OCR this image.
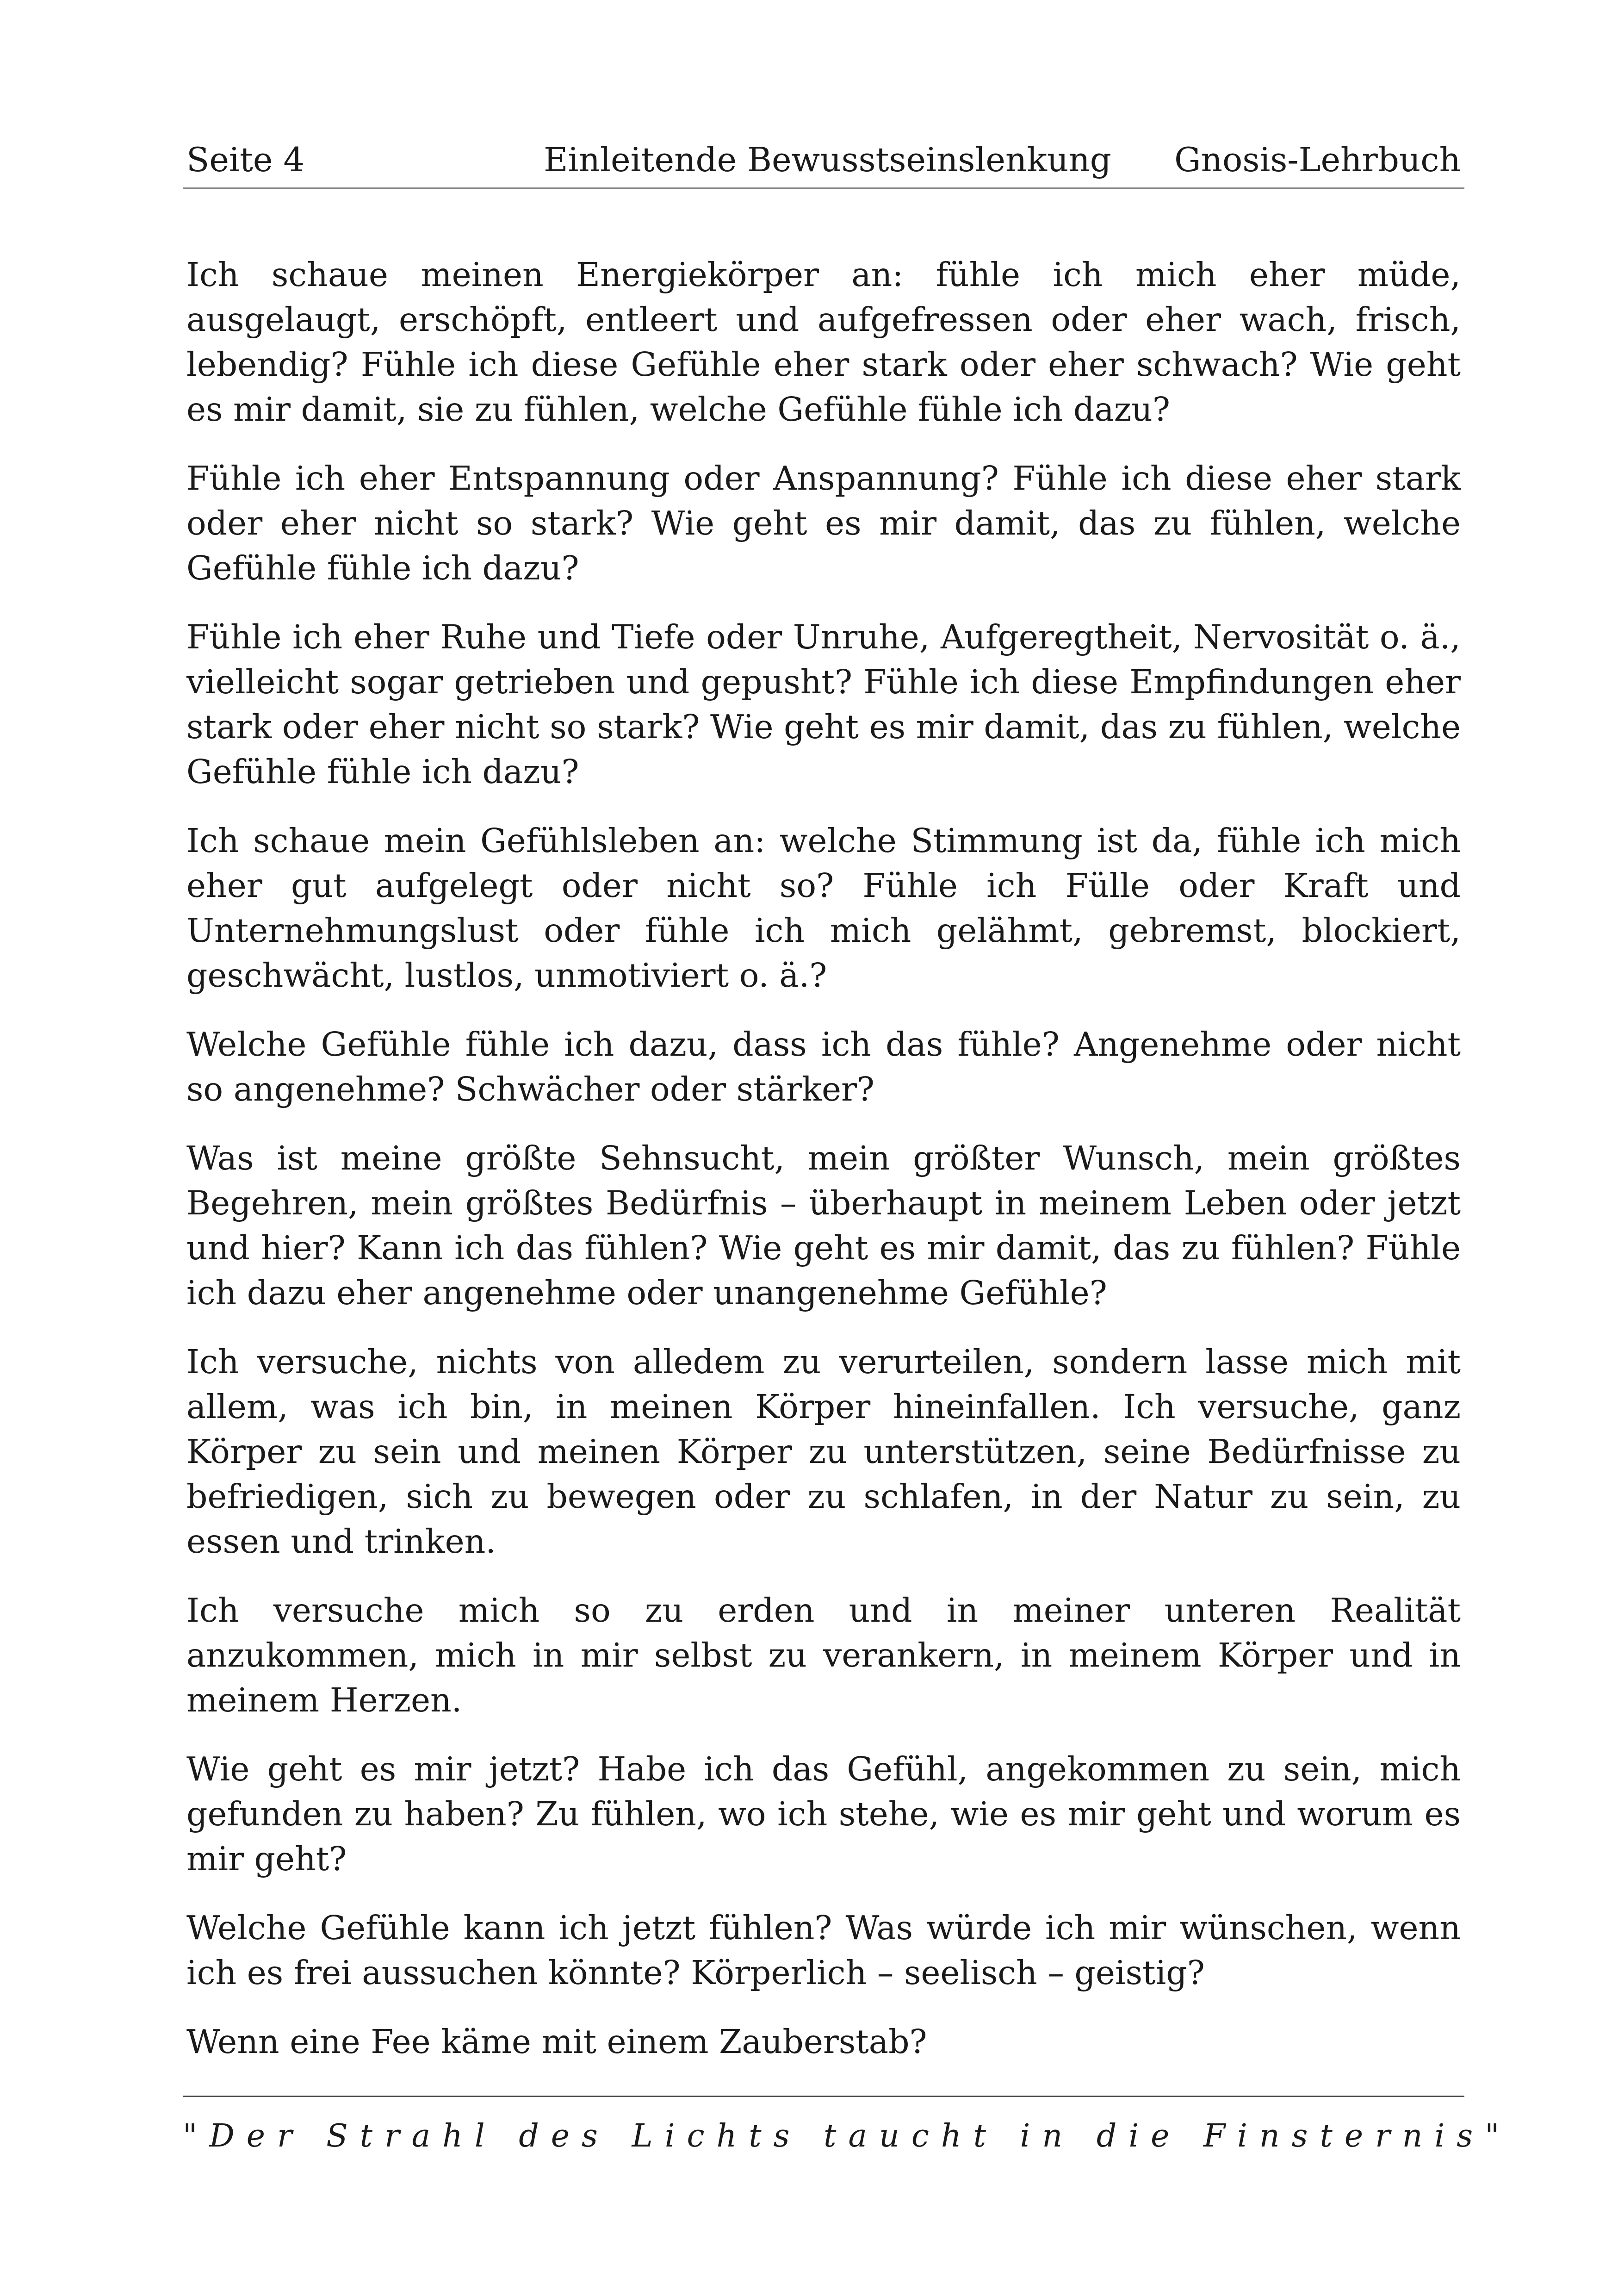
Seite 4	Einleitende Bewusstseinslenkung Gnosis-Lehrbuch

Ich schaue meinen Energiekörper an: fühle ich mich eher müde, ausgelaugt, erschöpft, entleert und aufgefressen oder eher wach, frisch, lebendig? Fühle ich diese Gefühle eher stark oder eher schwach? Wie geht es mir damit, sie zu fühlen, welche Gefühle fühle ich dazu?

Fühle ich eher Entspannung oder Anspannung? Fühle ich diese eher stark oder eher nicht so stark? Wie geht es mir damit, das zu fühlen, welche Gefühle fühle ich dazu?

Fühle ich eher Ruhe und Tiefe oder Unruhe, Aufgeregtheit, Nervosität o. ä., vielleicht sogar getrieben und gepusht? Fühle ich diese Empfindungen eher stark oder eher nicht so stark? Wie geht es mir damit, das zu fühlen, welche Gefühle fühle ich dazu?

Ich schaue mein Gefühlsleben an: welche Stimmung ist da, fühle ich mich eher gut aufgelegt oder nicht so? Fühle ich Fülle oder Kraft und Unternehmungslust oder fühle ich mich gelähmt, gebremst, blockiert, geschwächt, lustlos, unmotiviert o. ä.?

Welche Gefühle fühle ich dazu, dass ich das fühle? Angenehme oder nicht so angenehme? Schwächer oder stärker?

Was ist meine größte Sehnsucht, mein größter Wunsch, mein größtes Begehren, mein größtes Bedürfnis – überhaupt in meinem Leben oder jetzt und hier? Kann ich das fühlen? Wie geht es mir damit, das zu fühlen? Fühle ich dazu eher angenehme oder unangenehme Gefühle?

Ich versuche, nichts von alledem zu verurteilen, sondern lasse mich mit allem, was ich bin, in meinen Körper hineinfallen. Ich versuche, ganz Körper zu sein und meinen Körper zu unterstützen, seine Bedürfnisse zu befriedigen, sich zu bewegen oder zu schlafen, in der Natur zu sein, zu essen und trinken.

Ich versuche mich so zu erden und in meiner unteren Realität anzukommen, mich in mir selbst zu verankern, in meinem Körper und in meinem Herzen.

Wie geht es mir jetzt? Habe ich das Gefühl, angekommen zu sein, mich gefunden zu haben? Zu fühlen, wo ich stehe, wie es mir geht und worum es mir geht?

Welche Gefühle kann ich jetzt fühlen? Was würde ich mir wünschen, wenn ich es frei aussuchen könnte? Körperlich – seelisch – geistig?

Wenn eine Fee käme mit einem Zauberstab?

"Der Strahl des Lichts taucht in die Finsternis"
